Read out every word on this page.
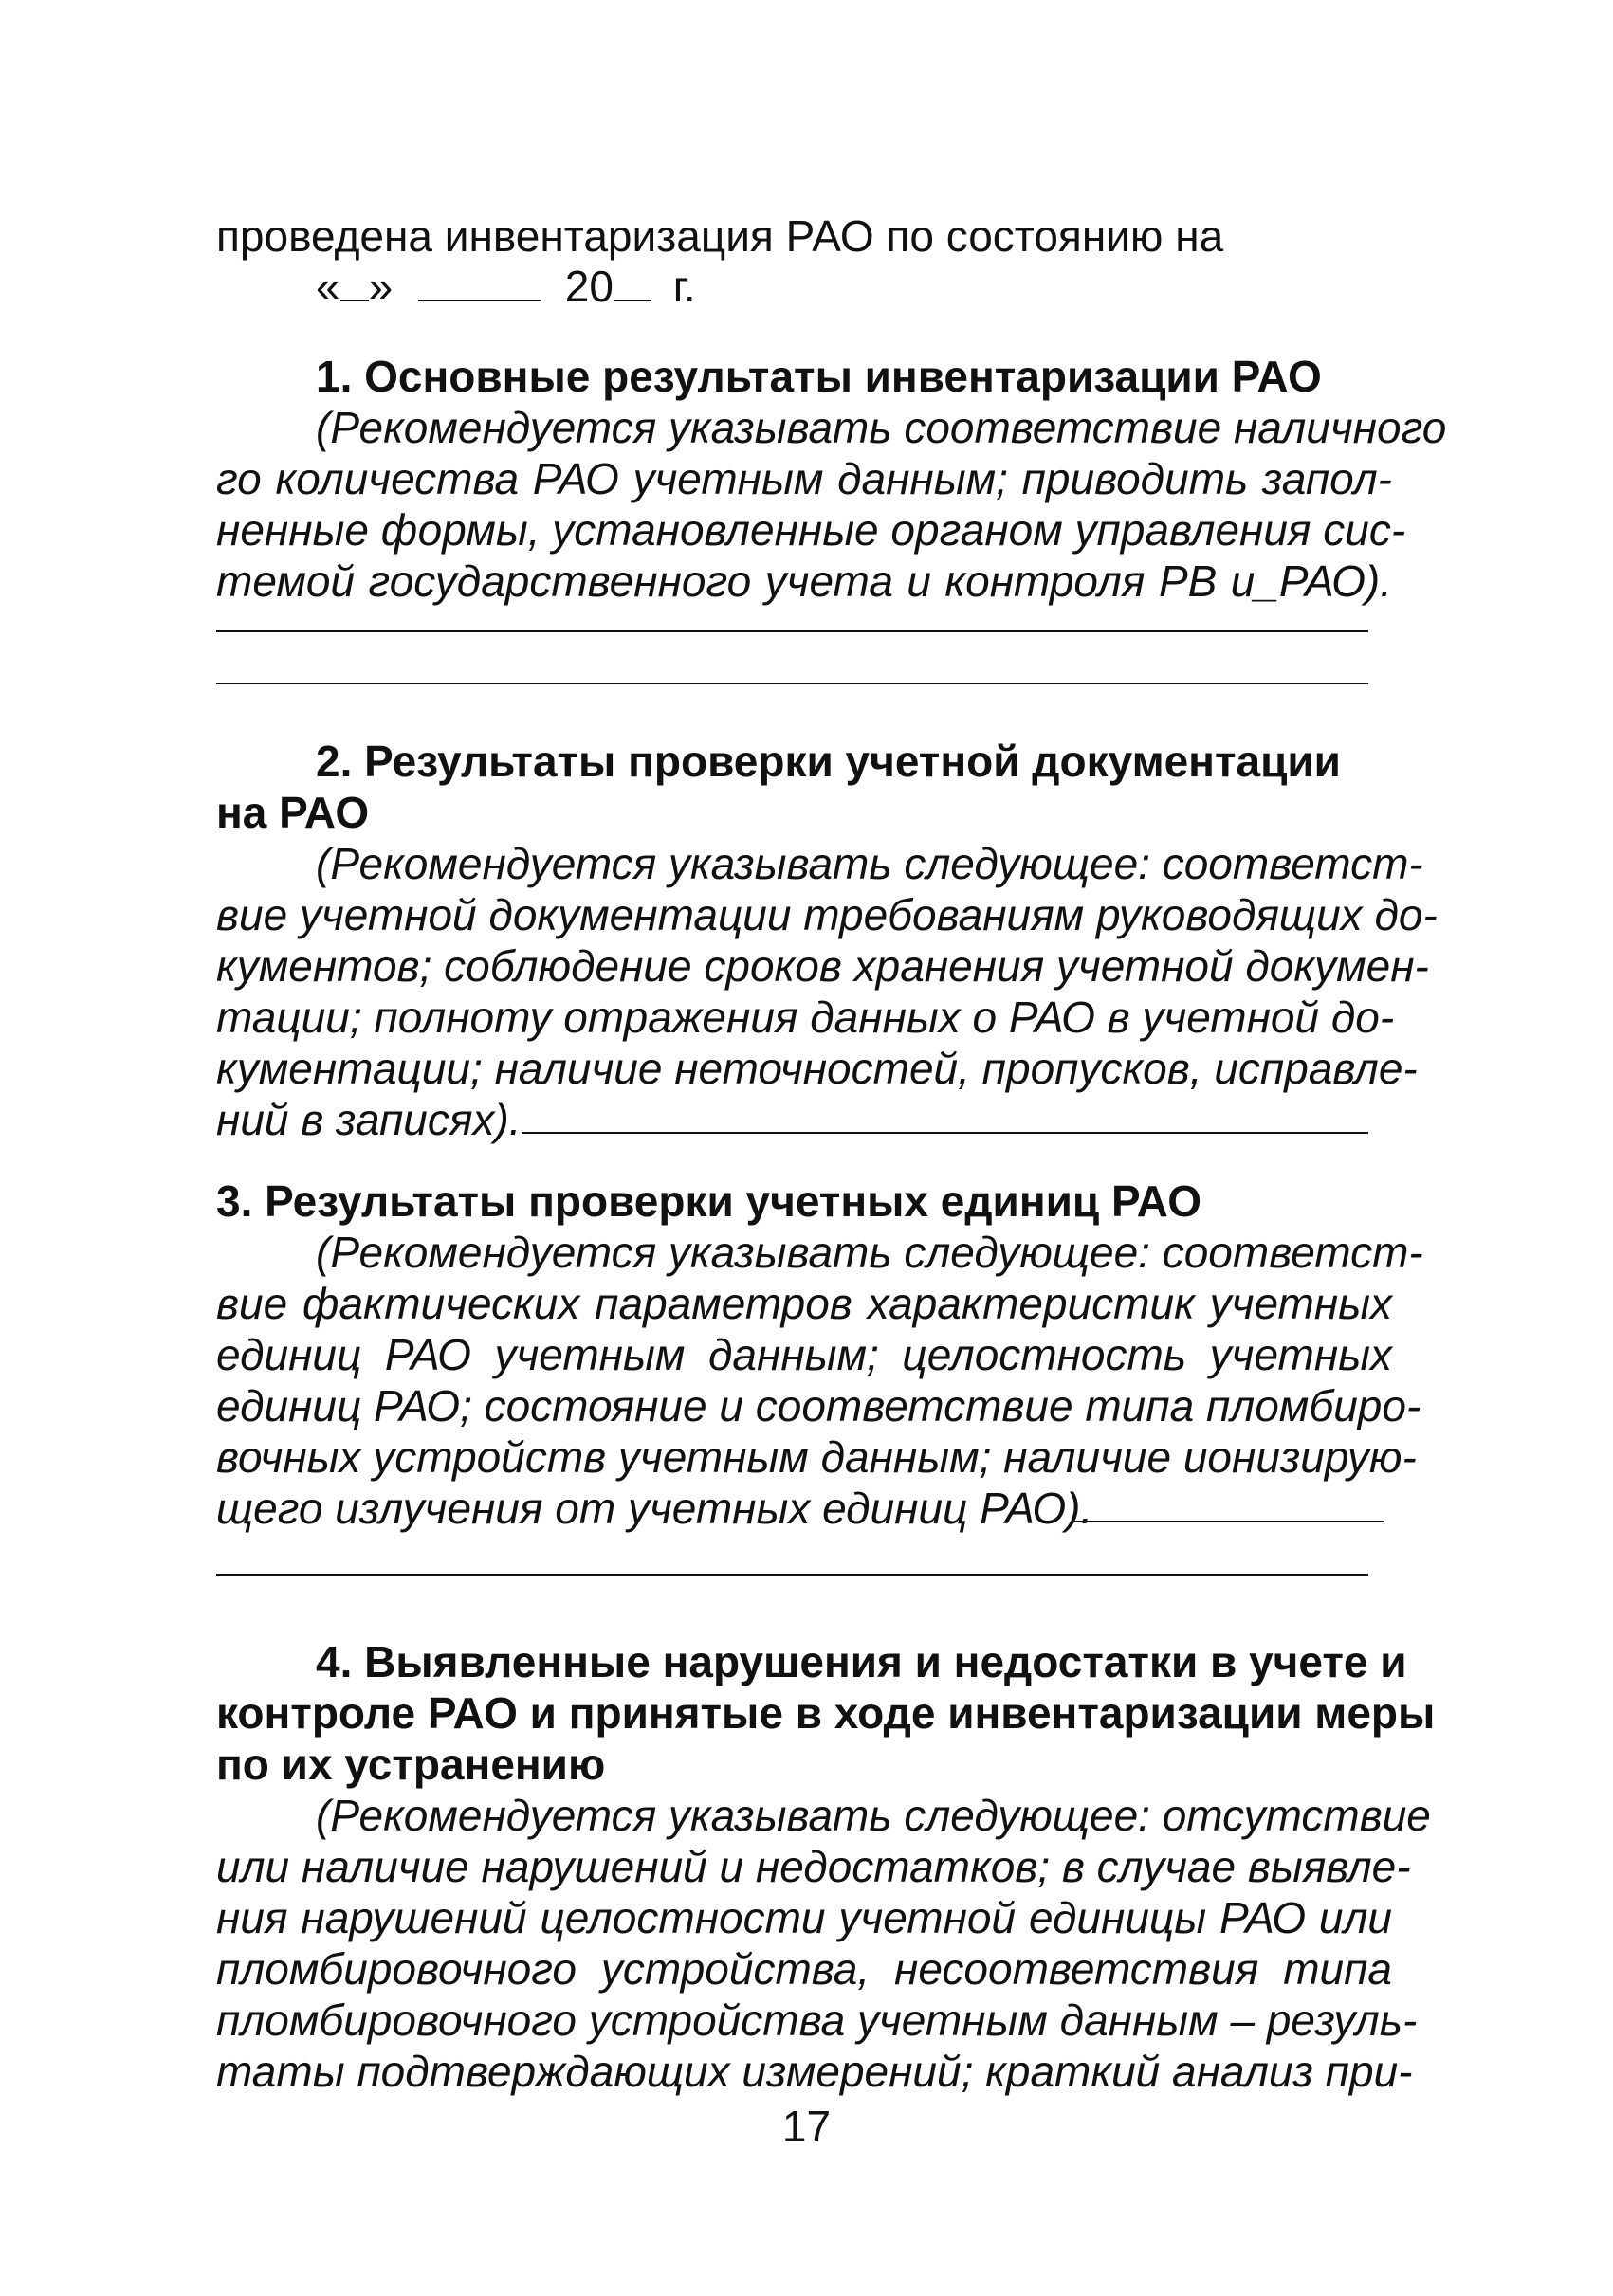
проведена инвентаризация РАО по состоянию на
« »	20 г.
1. Основные результаты инвентаризации РАО
(Рекомендуется указывать соответствие наличного
го количества РАО учетным данным; приводить запол-
ненные формы, установленные органом управления сис-
темой государственного учета и контроля РВ и_РАО).
2. Результаты проверки учетной документации
на РАО
(Рекомендуется указывать следующее: соответст-
вие учетной документации требованиям руководящих до-
кументов; соблюдение сроков хранения учетной докумен-
тации; полноту отражения данных о РАО в учетной до-
кументации; наличие неточностей, пропусков, исправле-
ний в записях).
3. Результаты проверки учетных единиц РАО
(Рекомендуется указывать следующее: соответст-
вие фактических параметров характеристик учетных
единиц РАО учетным данным; целостность учетных
единиц РАО; состояние и соответствие типа пломбиро-
вочных устройств учетным данным; наличие ионизирую-
щего излучения от учетных единиц РАО).
4. Выявленные нарушения и недостатки в учете и
контроле РАО и принятые в ходе инвентаризации меры
по их устранению
(Рекомендуется указывать следующее: отсутствие
или наличие нарушений и недостатков; в случае выявле-
ния нарушений целостности учетной единицы РАО или
пломбировочного устройства, несоответствия типа
пломбировочного устройства учетным данным – резуль-
таты подтверждающих измерений; краткий анализ при-
17
